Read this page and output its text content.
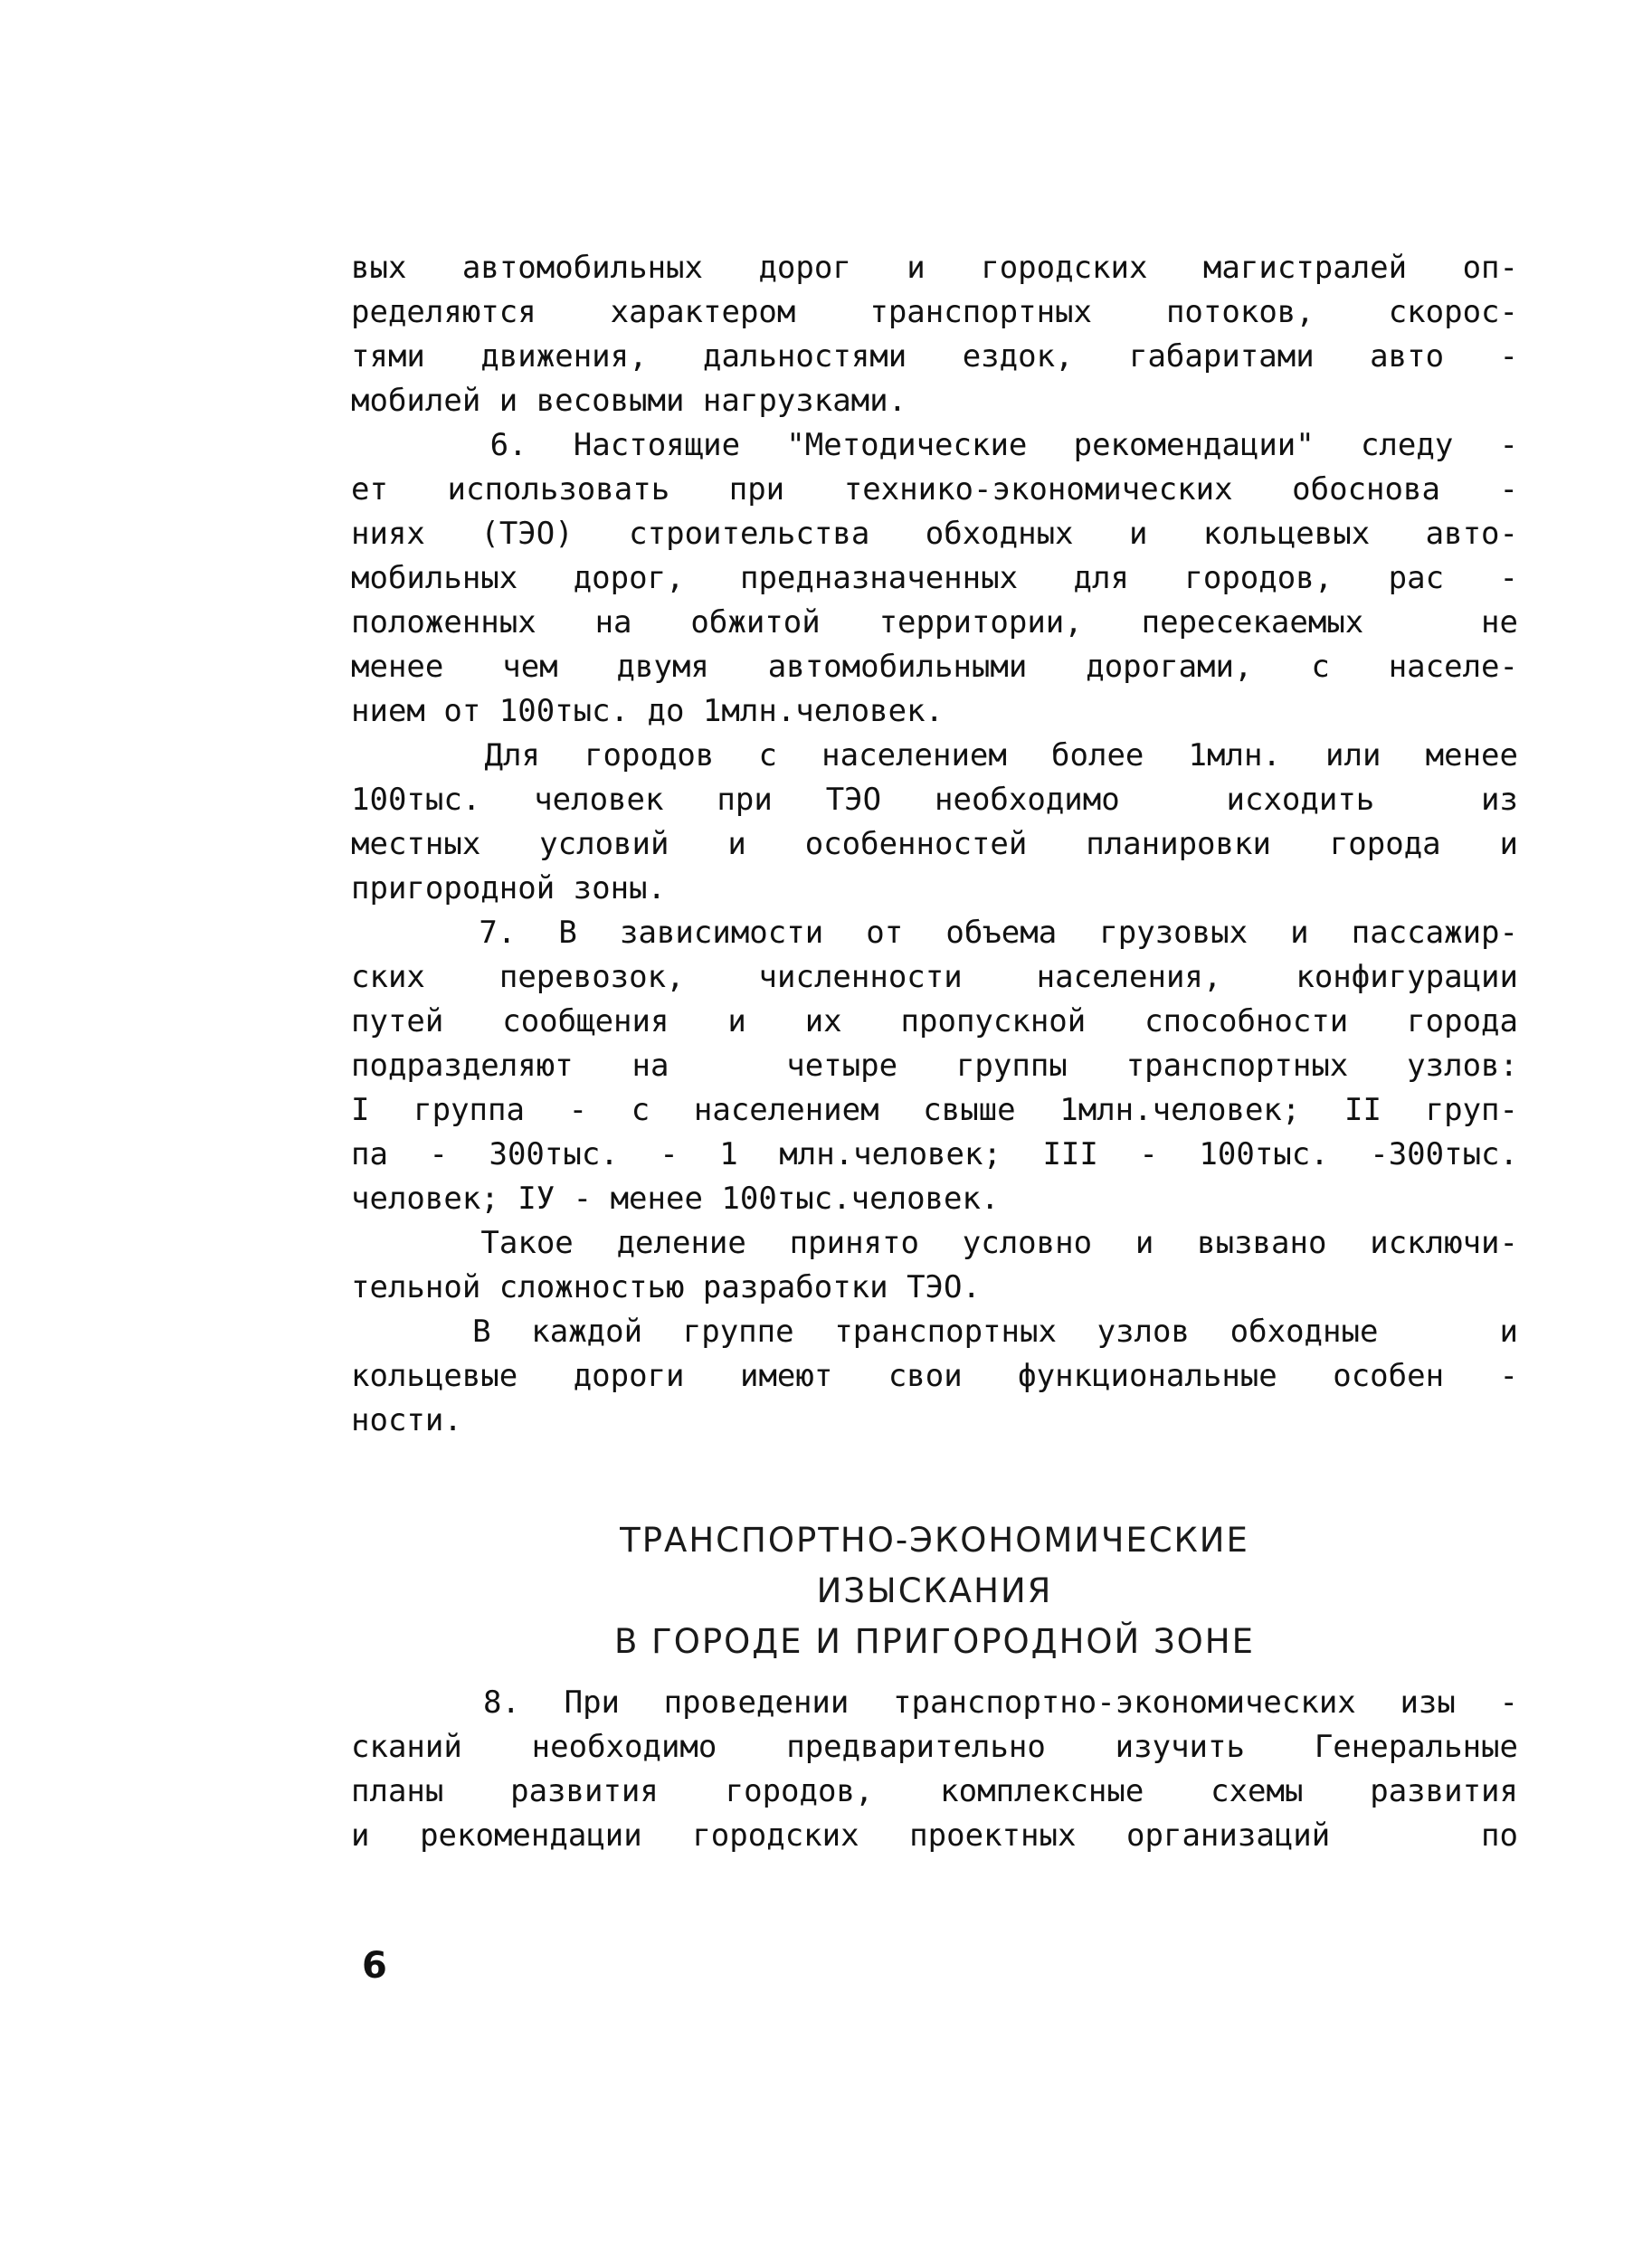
вых автомобильных дорог и городских магистралей оп-
ределяются характером транспортных потоков, скорос-
тями движения, дальностями ездок, габаритами авто -
мобилей и весовыми нагрузками.
6. Настоящие "Методические рекомендации" следу -
ет использовать при технико-экономических обоснова -
ниях (ТЭО) строительства обходных и кольцевых авто-
мобильных дорог, предназначенных для городов, рас -
положенных на обжитой территории, пересекаемых  не
менее чем двумя автомобильными дорогами, с населе-
нием от 100тыс. до 1млн.человек.
Для городов с населением более 1млн. или менее
100тыс. человек при ТЭО необходимо  исходить  из
местных условий и особенностей планировки города и
пригородной зоны.
7. В зависимости от объема грузовых и пассажир-
ских перевозок, численности населения, конфигурации
путей сообщения и их пропускной способности города
подразделяют на  четыре группы транспортных узлов:
I группа - с населением свыше 1млн.человек; II груп-
па - 300тыс. - 1 млн.человек; III - 100тыс. -300тыс.
человек; IУ - менее 100тыс.человек.
Такое деление принято условно и вызвано исключи-
тельной сложностью разработки ТЭО.
В каждой группе транспортных узлов обходные   и
кольцевые дороги имеют свои функциональные особен -
ности.
ТРАНСПОРТНО-ЭКОНОМИЧЕСКИЕ
ИЗЫСКАНИЯ
В ГОРОДЕ И ПРИГОРОДНОЙ ЗОНЕ
8. При проведении транспортно-экономических изы -
сканий необходимо предварительно изучить Генеральные
планы развития городов, комплексные схемы развития
и рекомендации городских проектных организаций   по
6
